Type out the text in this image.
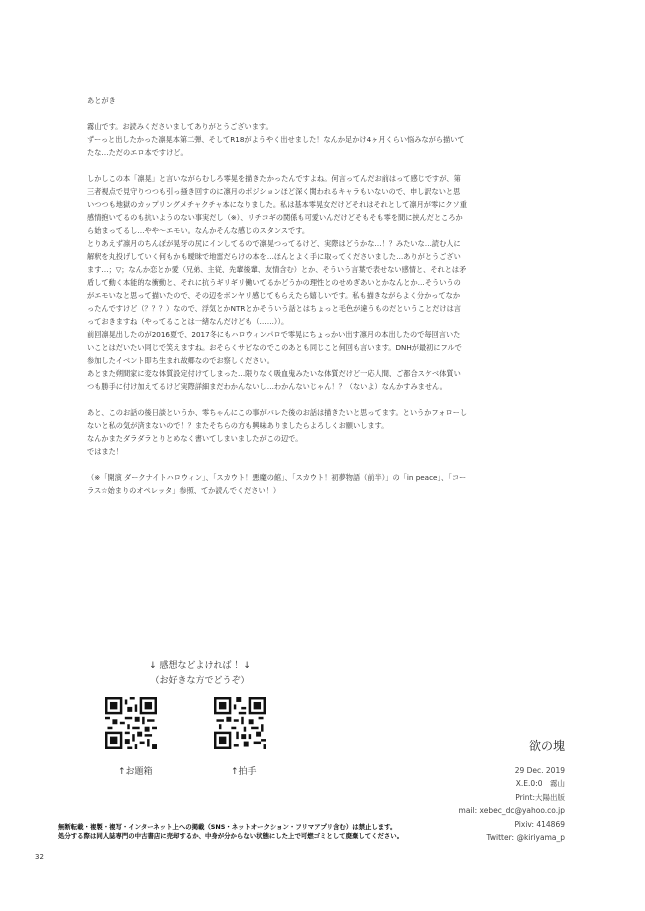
あとがき

霧山です。お読みくださいましてありがとうございます。
ずーっと出したかった凛晃本第二弾、そしてR18がようやく出せました！なんか足かけ4ヶ月くらい悩みながら描いてたな…ただのエロ本ですけど。

しかしこの本「凛晃」と言いながらむしろ零晃を描きたかったんですよね。何言ってんだお前はって感じですが、第三者視点で見守りつつも引っ掻き回すのに凛月のポジションほど深く関われるキャラもいないので、申し訳ないと思いつつも地獄のカップリングメチャクチャ本になりました。私は基本零晃女だけどそれはそれとして凛月が零にクソ重感情抱いてるのも抗いようのない事実だし（※）、リチコギの関係も可愛いんだけどそもそも零を間に挟んだところから始まってるし…やや〜エモい。なんかそんな感じのスタンスです。
とりあえず凛月のちんぽが晃牙の尻にインしてるので凛晃つってるけど、実際はどうかな…！？みたいな…読む人に解釈を丸投げしていく何もかも曖昧で地雷だらけの本を…ほんとよく手に取ってくださいました…ありがとうございます…；▽；なんか恋とか愛（兄弟、主従、先輩後輩、友情含む）とか、そういう言葉で表せない感情と、それとは矛盾して動く本能的な衝動と、それに抗うギリギリ働いてるかどうかの理性とのせめぎあいとかなんとか…そういうのがエモいなと思って描いたので、その辺をボンヤリ感じてもらえたら嬉しいです。私も描きながらよく分かってなかったんですけど（？？？）なので、浮気とかNTRとかそういう話とはちょっと毛色が違うものだということだけは言っておきますね（やってることは一緒なんだけども（……））。
前回凛晃出したのが2016夏で、2017冬にもハロウィンパロで零晃にちょっかい出す凛月の本出したので毎回言いたいことはだいたい同じで笑えますね。おそらくサビなのでこのあとも同じこと何回も言います。DNHが最初にフルで参加したイベント即ち生まれ故郷なのでお察しください。
あとまた朔間家に変な体質設定付けてしまった…限りなく吸血鬼みたいな体質だけど一応人間、ご都合スケベ体質いつも勝手に付け加えてるけど実際詳細まだわかんないし…わかんないじゃん！？（ないよ）なんかすみません。

あと、このお話の後日談というか、零ちゃんにこの事がバレた後のお話は描きたいと思ってます。というかフォローしないと私の気が済まないので！？またそちらの方も興味ありましたらよろしくお願いします。
なんかまたダラダラとりとめなく書いてしまいましたがこの辺で。
ではまた！

（※「開演 ダークナイトハロウィン」、「スカウト！悪魔の館」、「スカウト！初夢物語（前半）」の「in peace」、「コーラス☆始まりのオペレッタ」参照、てか読んでください！）

↓ 感想などよければ ！↓
（お好きな方でどうぞ）
↑お題箱	↑拍手
欲の塊
29 Dec. 2019
X.E.0:0　霧山
Print:大陽出版
mail: xebec_dc@yahoo.co.jp
Pixiv: 414869
Twitter: @kiriyama_p
無断転載・複製・複写・インターネット上への掲載（SNS・ネットオークション・フリマアプリ含む）は禁止します。
処分する際は同人誌専門の中古書店に売却するか、中身が分からない状態にした上で可燃ゴミとして廃棄してください。
32
